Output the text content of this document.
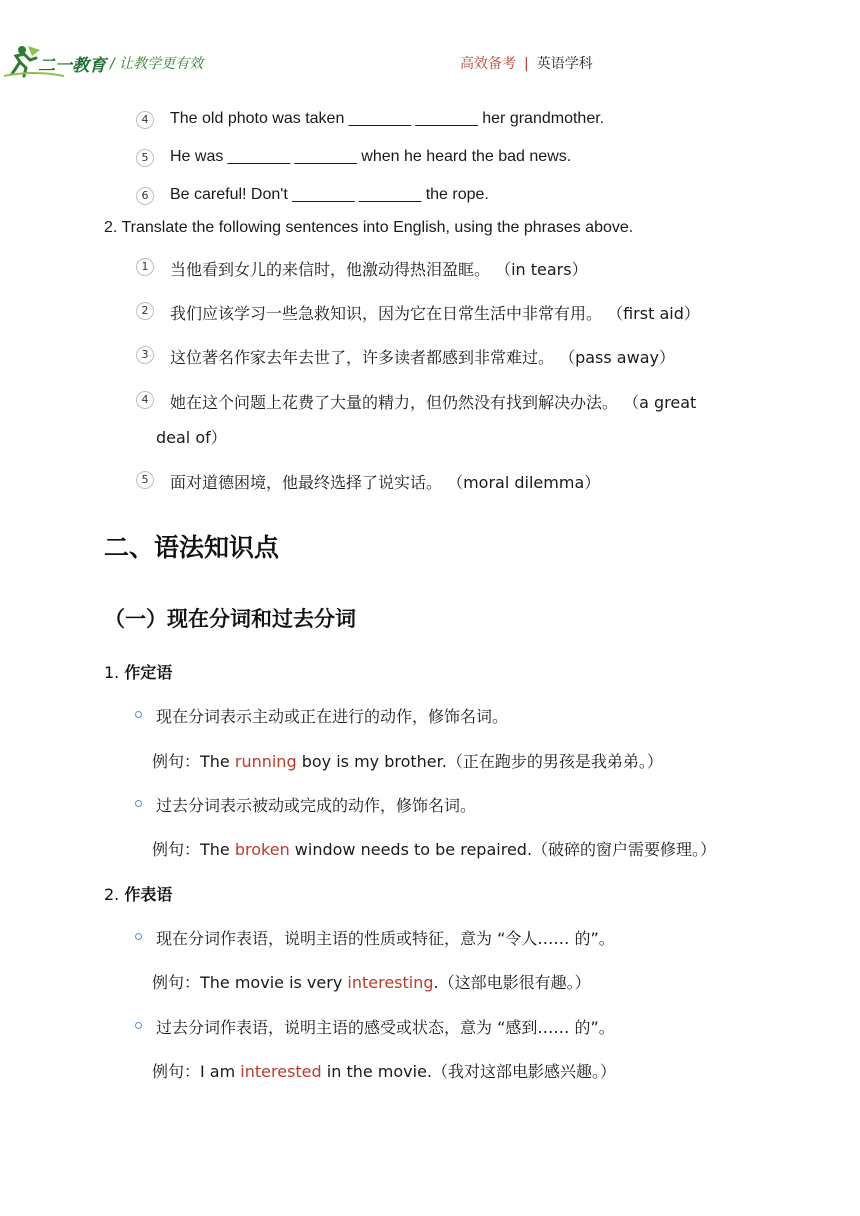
二一教育 / 让教学更有效	高效备考 | 英语学科
4	The old photo was taken _______ _______ her grandmother.
5	He was _______ _______ when he heard the bad news.
6	Be careful! Don't _______ _______ the rope.
2. Translate the following sentences into English, using the phrases above.
1	当他看到女儿的来信时，他激动得热泪盈眶。 （in tears）
2	我们应该学习一些急救知识，因为它在日常生活中非常有用。 （first aid）
3	这位著名作家去年去世了，许多读者都感到非常难过。 （pass away）
4	她在这个问题上花费了大量的精力，但仍然没有找到解决办法。 （a great
deal of）
5	面对道德困境，他最终选择了说实话。 （moral dilemma）
二、语法知识点
（一）现在分词和过去分词
1. 作定语
现在分词表示主动或正在进行的动作，修饰名词。
例句：The running boy is my brother.（正在跑步的男孩是我弟弟。）
过去分词表示被动或完成的动作，修饰名词。
例句：The broken window needs to be repaired.（破碎的窗户需要修理。）
2. 作表语
现在分词作表语，说明主语的性质或特征，意为 “令人…… 的”。
例句：The movie is very interesting.（这部电影很有趣。）
过去分词作表语，说明主语的感受或状态，意为 “感到…… 的”。
例句：I am interested in the movie.（我对这部电影感兴趣。）
